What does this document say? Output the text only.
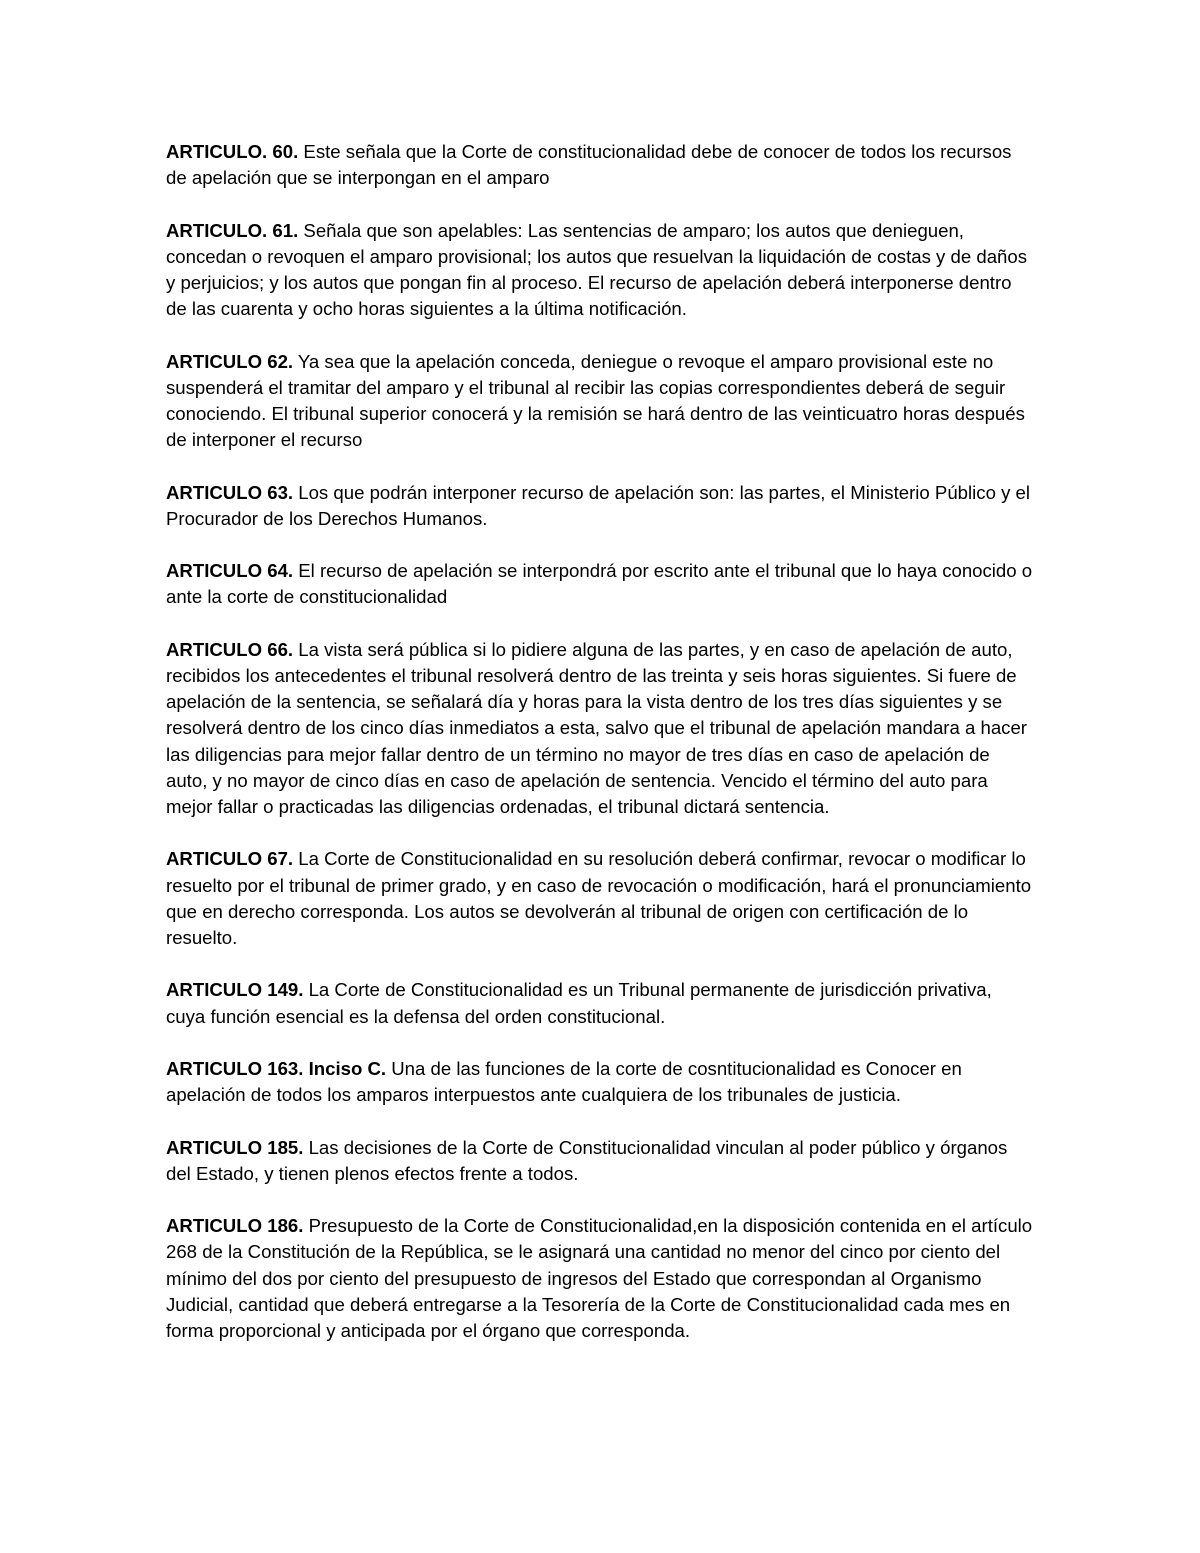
ARTICULO. 60. Este señala que la Corte de constitucionalidad debe de conocer de todos los recursos de apelación que se interpongan en el amparo

ARTICULO. 61. Señala que son apelables: Las sentencias de amparo; los autos que denieguen, concedan o revoquen el amparo provisional; los autos que resuelvan la liquidación de costas y de daños y perjuicios; y los autos que pongan fin al proceso. El recurso de apelación deberá interponerse dentro de las cuarenta y ocho horas siguientes a la última notificación.

ARTICULO 62. Ya sea que la apelación conceda, deniegue o revoque el amparo provisional este no suspenderá el tramitar del amparo y el tribunal al recibir las copias correspondientes deberá de seguir conociendo. El tribunal superior conocerá y la remisión se hará dentro de las veinticuatro horas después de interponer el recurso

ARTICULO 63. Los que podrán interponer recurso de apelación son: las partes, el Ministerio Público y el Procurador de los Derechos Humanos.

ARTICULO 64. El recurso de apelación se interpondrá por escrito ante el tribunal que lo haya conocido o ante la corte de constitucionalidad

ARTICULO 66. La vista será pública si lo pidiere alguna de las partes, y en caso de apelación de auto, recibidos los antecedentes el tribunal resolverá dentro de las treinta y seis horas siguientes. Si fuere de apelación de la sentencia, se señalará día y horas para la vista dentro de los tres días siguientes y se resolverá dentro de los cinco días inmediatos a esta, salvo que el tribunal de apelación mandara a hacer las diligencias para mejor fallar dentro de un término no mayor de tres días en caso de apelación de auto, y no mayor de cinco días en caso de apelación de sentencia. Vencido el término del auto para mejor fallar o practicadas las diligencias ordenadas, el tribunal dictará sentencia.

ARTICULO 67. La Corte de Constitucionalidad en su resolución deberá confirmar, revocar o modificar lo resuelto por el tribunal de primer grado, y en caso de revocación o modificación, hará el pronunciamiento que en derecho corresponda. Los autos se devolverán al tribunal de origen con certificación de lo resuelto.

ARTICULO 149. La Corte de Constitucionalidad es un Tribunal permanente de jurisdicción privativa, cuya función esencial es la defensa del orden constitucional.

ARTICULO 163. Inciso C. Una de las funciones de la corte de cosntitucionalidad es Conocer en apelación de todos los amparos interpuestos ante cualquiera de los tribunales de justicia.

ARTICULO 185. Las decisiones de la Corte de Constitucionalidad vinculan al poder público y órganos del Estado, y tienen plenos efectos frente a todos.

ARTICULO 186. Presupuesto de la Corte de Constitucionalidad,en la disposición contenida en el artículo 268 de la Constitución de la República, se le asignará una cantidad no menor del cinco por ciento del mínimo del dos por ciento del presupuesto de ingresos del Estado que correspondan al Organismo Judicial, cantidad que deberá entregarse a la Tesorería de la Corte de Constitucionalidad cada mes en forma proporcional y anticipada por el órgano que corresponda.
